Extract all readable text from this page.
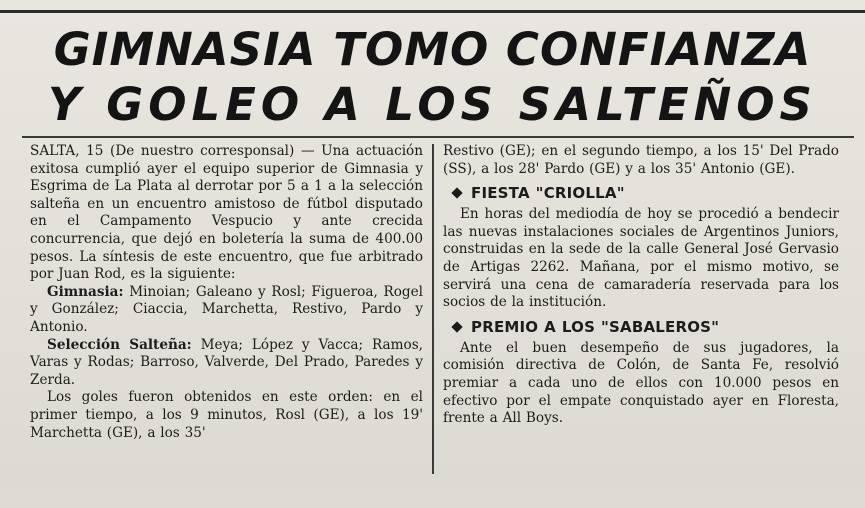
GIMNASIA TOMO CONFIANZA
Y GOLEO A LOS SALTEÑOS

SALTA, 15 (De nuestro corresponsal) — Una actuación exitosa cumplió ayer el equipo superior de Gimnasia y Esgrima de La Plata al derrotar por 5 a 1 a la selección salteña en un encuentro amistoso de fútbol disputado en el Campamento Vespucio y ante crecida concurrencia, que dejó en boletería la suma de 400.00 pesos. La síntesis de este encuentro, que fue arbitrado por Juan Rod, es la siguiente:

Gimnasia: Minoian; Galeano y Rosl; Figueroa, Rogel y González; Ciaccia, Marchetta, Restivo, Pardo y Antonio.

Selección Salteña: Meya; López y Vacca; Ramos, Varas y Rodas; Barroso, Valverde, Del Prado, Paredes y Zerda.

Los goles fueron obtenidos en este orden: en el primer tiempo, a los 9 minutos, Rosl (GE), a los 19' Marchetta (GE), a los 35'

Restivo (GE); en el segundo tiempo, a los 15' Del Prado (SS), a los 28' Pardo (GE) y a los 35' Antonio (GE).

FIESTA "CRIOLLA"

En horas del mediodía de hoy se procedió a bendecir las nuevas instalaciones sociales de Argentinos Juniors, construidas en la sede de la calle General José Gervasio de Artigas 2262. Mañana, por el mismo motivo, se servirá una cena de camaradería reservada para los socios de la institución.

PREMIO A LOS "SABALEROS"

Ante el buen desempeño de sus jugadores, la comisión directiva de Colón, de Santa Fe, resolvió premiar a cada uno de ellos con 10.000 pesos en efectivo por el empate conquistado ayer en Floresta, frente a All Boys.
